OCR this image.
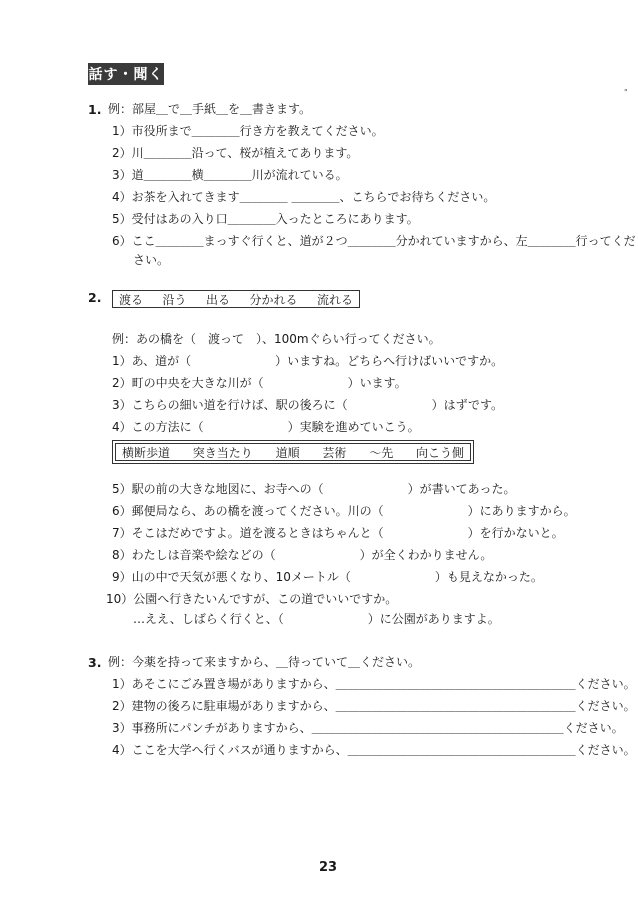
話す・聞く
"
1. 例：部屋＿で＿手紙＿を＿書きます。
1）市役所まで＿＿＿＿行き方を教えてください。
2）川＿＿＿＿沿って、桜が植えてあります。
3）道＿＿＿＿横＿＿＿＿川が流れている。
4）お茶を入れてきます＿＿＿＿ ＿＿＿＿、こちらでお待ちください。
5）受付はあの入り口＿＿＿＿入ったところにあります。
6）ここ＿＿＿＿まっすぐ行くと、道が２つ＿＿＿＿分かれていますから、左＿＿＿＿行ってくだ
さい。
2. 渡る 沿う 出る 分かれる 流れる
例：あの橋を（　渡って　）、100mぐらい行ってください。
1）あ、道が（　　　　　　　）いますね。どちらへ行けばいいですか。
2）町の中央を大きな川が（　　　　　　　）います。
3）こちらの細い道を行けば、駅の後ろに（　　　　　　　）はずです。
4）この方法に（　　　　　　　）実験を進めていこう。
横断歩道 突き当たり 道順 芸術 〜先 向こう側
5）駅の前の大きな地図に、お寺への（　　　　　　　）が書いてあった。
6）郵便局なら、あの橋を渡ってください。川の（　　　　　　　）にありますから。
7）そこはだめですよ。道を渡るときはちゃんと（　　　　　　　）を行かないと。
8）わたしは音楽や絵などの（　　　　　　　）が全くわかりません。
9）山の中で天気が悪くなり、10メートル（　　　　　　　）も見えなかった。
10）公園へ行きたいんですが、この道でいいですか。
…ええ、しばらく行くと、（　　　　　　　）に公園がありますよ。
3. 例：今薬を持って来ますから、＿待っていて＿ください。
1）あそこにごみ置き場がありますから、＿＿＿＿＿＿＿＿＿＿＿＿＿＿＿＿＿＿＿＿ください。
2）建物の後ろに駐車場がありますから、＿＿＿＿＿＿＿＿＿＿＿＿＿＿＿＿＿＿＿＿ください。
3）事務所にパンチがありますから、＿＿＿＿＿＿＿＿＿＿＿＿＿＿＿＿＿＿＿＿＿ください。
4）ここを大学へ行くバスが通りますから、＿＿＿＿＿＿＿＿＿＿＿＿＿＿＿＿＿＿＿ください。
23
